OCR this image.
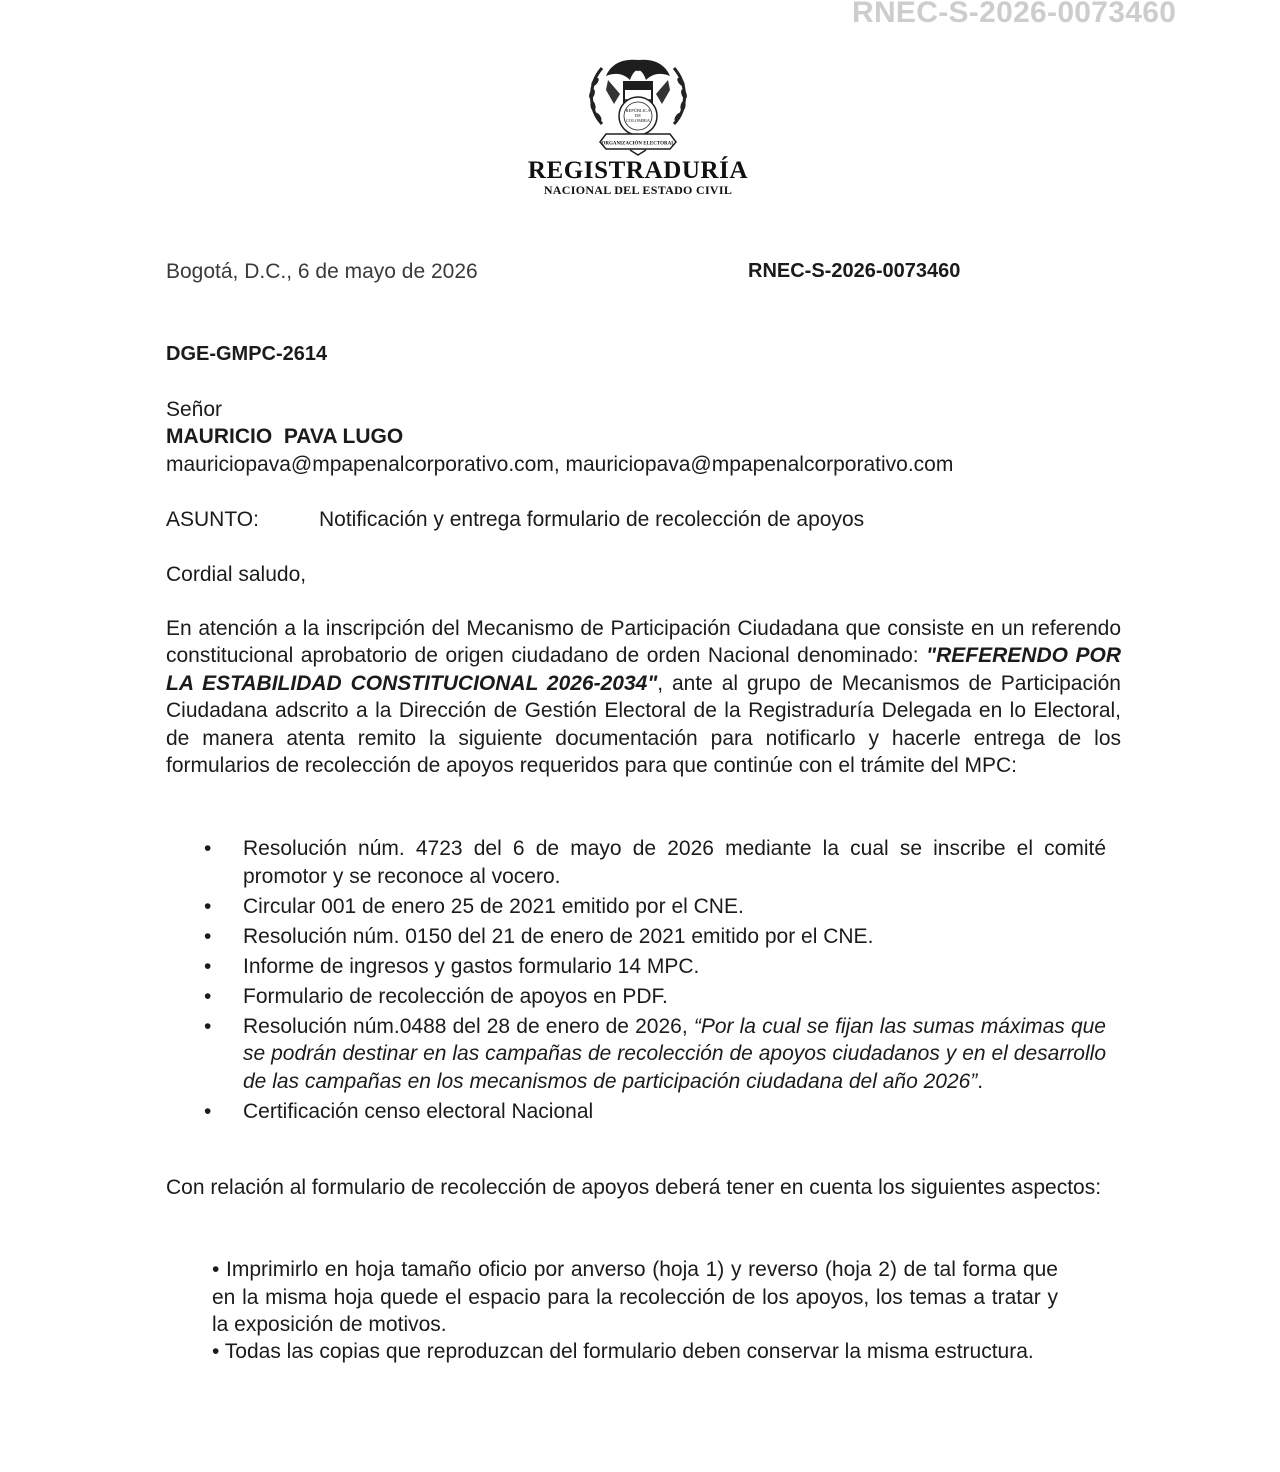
RNEC-S-2026-0073460
REPÚBLICA
DE
COLOMBIA
ORGANIZACIÓN ELECTORAL
REGISTRADURÍA
NACIONAL DEL ESTADO CIVIL
Bogotá, D.C., 6 de mayo de 2026	RNEC-S-2026-0073460
DGE-GMPC-2614
Señor
MAURICIO  PAVA LUGO
mauriciopava@mpapenalcorporativo.com, mauriciopava@mpapenalcorporativo.com
ASUNTO:	Notificación y entrega formulario de recolección de apoyos
Cordial saludo,
En atención a la inscripción del Mecanismo de Participación Ciudadana que consiste en un referendo constitucional aprobatorio de origen ciudadano de orden Nacional denominado: "REFERENDO POR LA ESTABILIDAD CONSTITUCIONAL 2026-2034", ante al grupo de Mecanismos de Participación Ciudadana adscrito a la Dirección de Gestión Electoral de la Registraduría Delegada en lo Electoral, de manera atenta remito la siguiente documentación para notificarlo y hacerle entrega de los formularios de recolección de apoyos requeridos para que continúe con el trámite del MPC:
• Resolución núm. 4723 del 6 de mayo de 2026 mediante la cual se inscribe el comité promotor y se reconoce al vocero.
• Circular 001 de enero 25 de 2021 emitido por el CNE.
• Resolución núm. 0150 del 21 de enero de 2021 emitido por el CNE.
• Informe de ingresos y gastos formulario 14 MPC.
• Formulario de recolección de apoyos en PDF.
• Resolución núm.0488 del 28 de enero de 2026, “Por la cual se fijan las sumas máximas que se podrán destinar en las campañas de recolección de apoyos ciudadanos y en el desarrollo de las campañas en los mecanismos de participación ciudadana del año 2026”.
• Certificación censo electoral Nacional
Con relación al formulario de recolección de apoyos deberá tener en cuenta los siguientes aspectos:
• Imprimirlo en hoja tamaño oficio por anverso (hoja 1) y reverso (hoja 2) de tal forma que en la misma hoja quede el espacio para la recolección de los apoyos, los temas a tratar y la exposición de motivos.
• Todas las copias que reproduzcan del formulario deben conservar la misma estructura.
